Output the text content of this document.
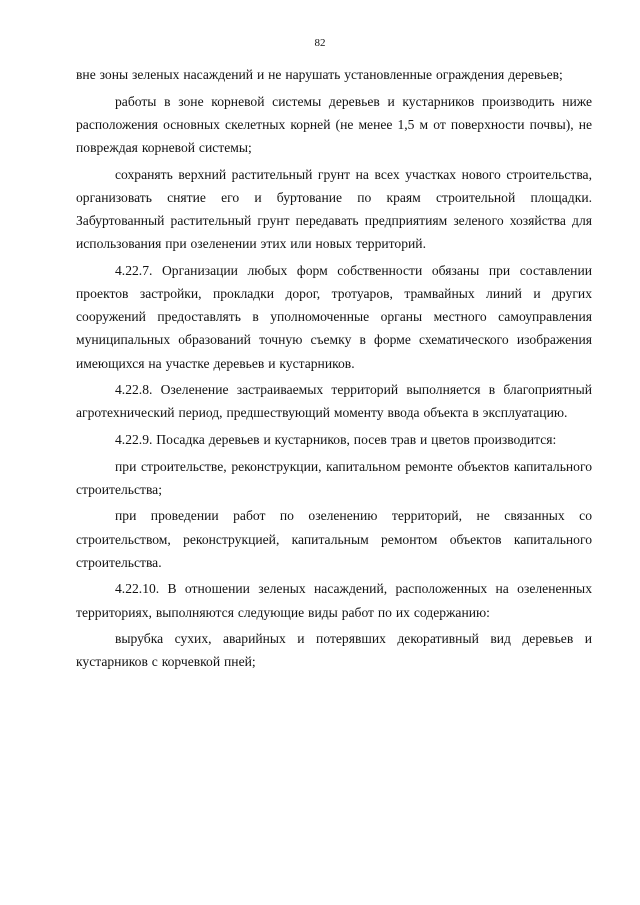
82

вне зоны зеленых насаждений и не нарушать установленные ограждения деревьев;

работы в зоне корневой системы деревьев и кустарников производить ниже расположения основных скелетных корней (не менее 1,5 м от поверхности почвы), не повреждая корневой системы;

сохранять верхний растительный грунт на всех участках нового строительства, организовать снятие его и буртование по краям строительной площадки. Забуртованный растительный грунт передавать предприятиям зеленого хозяйства для использования при озеленении этих или новых территорий.

4.22.7. Организации любых форм собственности обязаны при составлении проектов застройки, прокладки дорог, тротуаров, трамвайных линий и других сооружений предоставлять в уполномоченные органы местного самоуправления муниципальных образований точную съемку в форме схематического изображения имеющихся на участке деревьев и кустарников.

4.22.8. Озеленение застраиваемых территорий выполняется в благоприятный агротехнический период, предшествующий моменту ввода объекта в эксплуатацию.

4.22.9. Посадка деревьев и кустарников, посев трав и цветов производится:

при строительстве, реконструкции, капитальном ремонте объектов капитального строительства;

при проведении работ по озеленению территорий, не связанных со строительством, реконструкцией, капитальным ремонтом объектов капитального строительства.

4.22.10. В отношении зеленых насаждений, расположенных на озелененных территориях, выполняются следующие виды работ по их содержанию:

вырубка сухих, аварийных и потерявших декоративный вид деревьев и кустарников с корчевкой пней;
